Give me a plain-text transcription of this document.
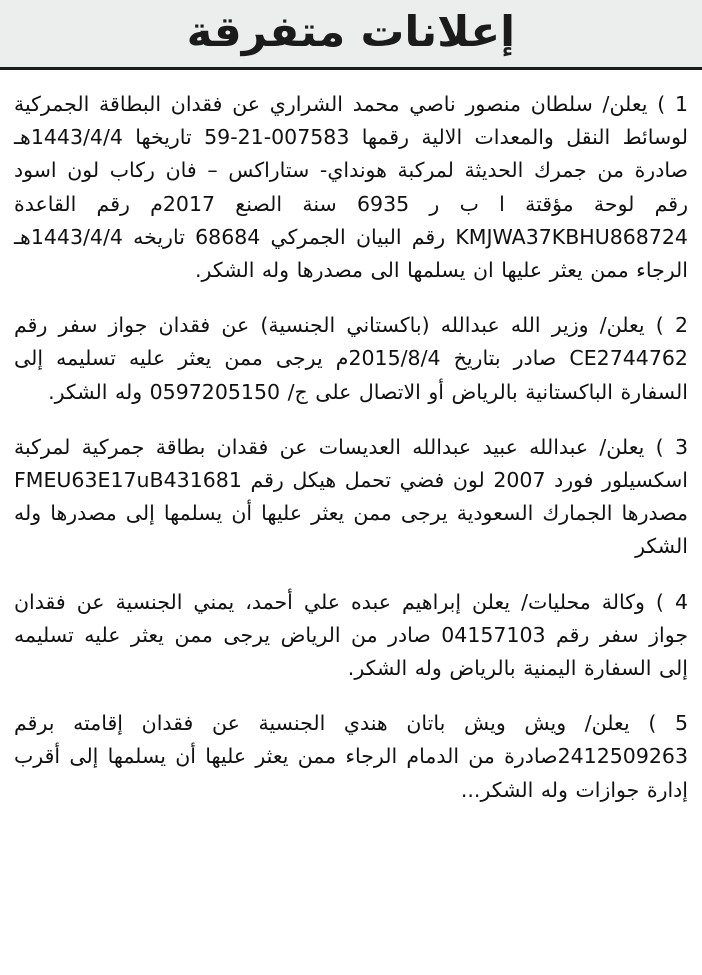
إعلانات متفرقة

1 ) يعلن/ سلطان منصور ناصي محمد الشراري عن فقدان البطاقة الجمركية لوسائط النقل والمعدات الالية رقمها 007583-21-59 تاريخها 1443/4/4هـ صادرة من جمرك الحديثة لمركبة هونداي- ستاراكس – فان ركاب لون اسود رقم لوحة مؤقتة ا ب ر 6935 سنة الصنع 2017م رقم القاعدة KMJWA37KBHU868724 رقم البيان الجمركي 68684 تاريخه 1443/4/4هـ الرجاء ممن يعثر عليها ان يسلمها الى مصدرها وله الشكر.

2 ) يعلن/ وزير الله عبدالله (باكستاني الجنسية) عن فقدان جواز سفر رقم CE2744762 صادر بتاريخ 2015/8/4م يرجى ممن يعثر عليه تسليمه إلى السفارة الباكستانية بالرياض أو الاتصال على ج/ 0597205150 وله الشكر.

3 ) يعلن/ عبدالله عبيد عبدالله العديسات عن فقدان بطاقة جمركية لمركبة اسكسيلور فورد 2007 لون فضي تحمل هيكل رقم FMEU63E17uB431681 مصدرها الجمارك السعودية يرجى ممن يعثر عليها أن يسلمها إلى مصدرها وله الشكر

4 ) وكالة محليات/ يعلن إبراهيم عبده علي أحمد، يمني الجنسية عن فقدان جواز سفر رقم 04157103 صادر من الرياض يرجى ممن يعثر عليه تسليمه إلى السفارة اليمنية بالرياض وله الشكر.

5 ) يعلن/ ويش ويش باتان هندي الجنسية عن فقدان إقامته برقم 2412509263صادرة من الدمام الرجاء ممن يعثر عليها أن يسلمها إلى أقرب إدارة جوازات وله الشكر...
